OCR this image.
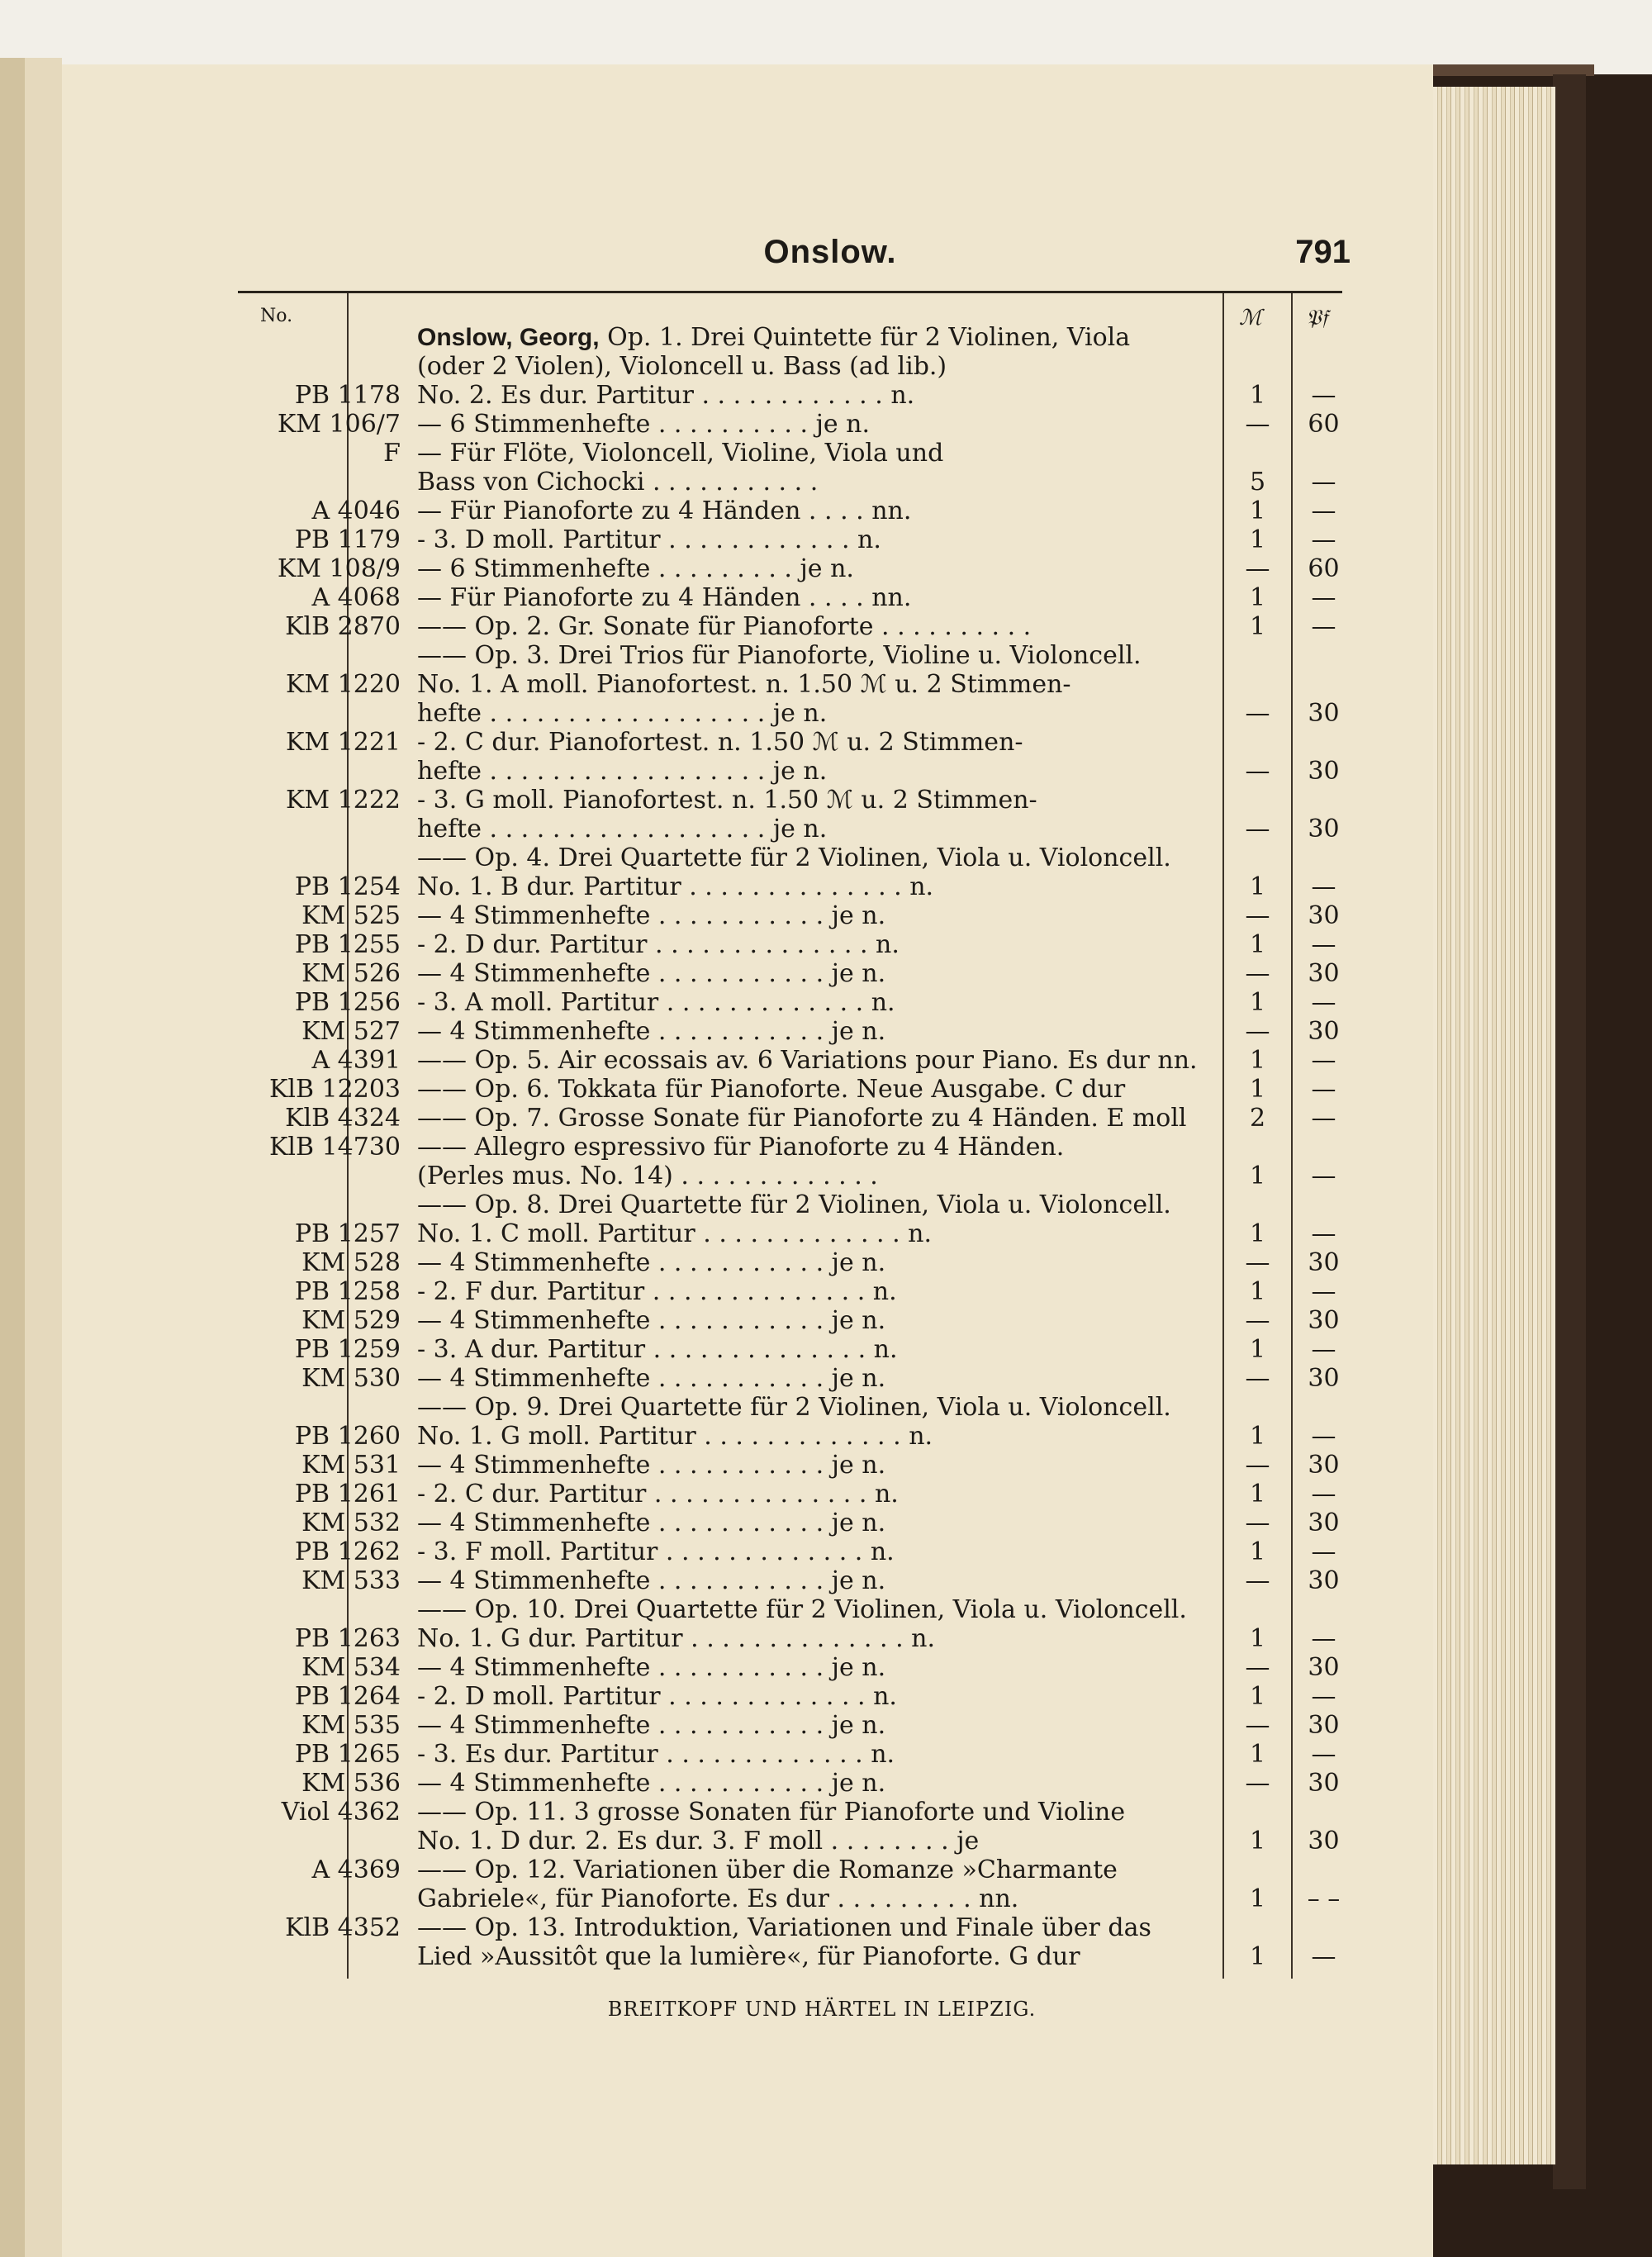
Onslow.	791
No.	ℳ 𝔓𝔣
Onslow, Georg, Op. 1. Drei Quintette für 2 Violinen, Viola
(oder 2 Violen), Violoncell u. Bass (ad lib.)
PB 1178 No. 2. Es dur. Partitur . . . . . . . . . . . . n.	1	—
KM 106/7 — 6 Stimmenhefte . . . . . . . . . . je n.	—	60
F — Für Flöte, Violoncell, Violine, Viola und
Bass von Cichocki . . . . . . . . . . .	5	—
A 4046 — Für Pianoforte zu 4 Händen . . . . nn.	1	—
PB 1179 - 3. D moll. Partitur . . . . . . . . . . . . n.	1	—
KM 108/9 — 6 Stimmenhefte . . . . . . . . . je n.	—	60
A 4068 — Für Pianoforte zu 4 Händen . . . . nn.	1	—
KlB 2870 —— Op. 2. Gr. Sonate für Pianoforte . . . . . . . . . .	1	—
—— Op. 3. Drei Trios für Pianoforte, Violine u. Violoncell.
KM 1220 No. 1. A moll. Pianofortest. n. 1.50 ℳ u. 2 Stimmen-
hefte . . . . . . . . . . . . . . . . . . je n.	—	30
KM 1221 - 2. C dur. Pianofortest. n. 1.50 ℳ u. 2 Stimmen-
hefte . . . . . . . . . . . . . . . . . . je n.	—	30
KM 1222 - 3. G moll. Pianofortest. n. 1.50 ℳ u. 2 Stimmen-
hefte . . . . . . . . . . . . . . . . . . je n.	—	30
—— Op. 4. Drei Quartette für 2 Violinen, Viola u. Violoncell.
PB 1254 No. 1. B dur. Partitur . . . . . . . . . . . . . . n.	1	—
KM 525 — 4 Stimmenhefte . . . . . . . . . . . je n.	—	30
PB 1255 - 2. D dur. Partitur . . . . . . . . . . . . . . n.	1	—
KM 526 — 4 Stimmenhefte . . . . . . . . . . . je n.	—	30
PB 1256 - 3. A moll. Partitur . . . . . . . . . . . . . n.	1	—
KM 527 — 4 Stimmenhefte . . . . . . . . . . . je n.	—	30
A 4391 —— Op. 5. Air ecossais av. 6 Variations pour Piano. Es dur nn.	1	—
KlB 12203 —— Op. 6. Tokkata für Pianoforte. Neue Ausgabe. C dur	1	—
KlB 4324 —— Op. 7. Grosse Sonate für Pianoforte zu 4 Händen. E moll	2	—
KlB 14730 —— Allegro espressivo für Pianoforte zu 4 Händen.
(Perles mus. No. 14) . . . . . . . . . . . . .	1	—
—— Op. 8. Drei Quartette für 2 Violinen, Viola u. Violoncell.
PB 1257 No. 1. C moll. Partitur . . . . . . . . . . . . . n.	1	—
KM 528 — 4 Stimmenhefte . . . . . . . . . . . je n.	—	30
PB 1258 - 2. F dur. Partitur . . . . . . . . . . . . . . n.	1	—
KM 529 — 4 Stimmenhefte . . . . . . . . . . . je n.	—	30
PB 1259 - 3. A dur. Partitur . . . . . . . . . . . . . . n.	1	—
KM 530 — 4 Stimmenhefte . . . . . . . . . . . je n.	—	30
—— Op. 9. Drei Quartette für 2 Violinen, Viola u. Violoncell.
PB 1260 No. 1. G moll. Partitur . . . . . . . . . . . . . n.	1	—
KM 531 — 4 Stimmenhefte . . . . . . . . . . . je n.	—	30
PB 1261 - 2. C dur. Partitur . . . . . . . . . . . . . . n.	1	—
KM 532 — 4 Stimmenhefte . . . . . . . . . . . je n.	—	30
PB 1262 - 3. F moll. Partitur . . . . . . . . . . . . . n.	1	—
KM 533 — 4 Stimmenhefte . . . . . . . . . . . je n.	—	30
—— Op. 10. Drei Quartette für 2 Violinen, Viola u. Violoncell.
PB 1263 No. 1. G dur. Partitur . . . . . . . . . . . . . . n.	1	—
KM 534 — 4 Stimmenhefte . . . . . . . . . . . je n.	—	30
PB 1264 - 2. D moll. Partitur . . . . . . . . . . . . . n.	1	—
KM 535 — 4 Stimmenhefte . . . . . . . . . . . je n.	—	30
PB 1265 - 3. Es dur. Partitur . . . . . . . . . . . . . n.	1	—
KM 536 — 4 Stimmenhefte . . . . . . . . . . . je n.	—	30
Viol 4362 —— Op. 11. 3 grosse Sonaten für Pianoforte und Violine
No. 1. D dur. 2. Es dur. 3. F moll . . . . . . . . je	1	30
A 4369 —— Op. 12. Variationen über die Romanze »Charmante
Gabriele«, für Pianoforte. Es dur . . . . . . . . . nn.	1	– –
KlB 4352 —— Op. 13. Introduktion, Variationen und Finale über das
Lied »Aussitôt que la lumière«, für Pianoforte. G dur	1	—
BREITKOPF UND HÄRTEL IN LEIPZIG.
